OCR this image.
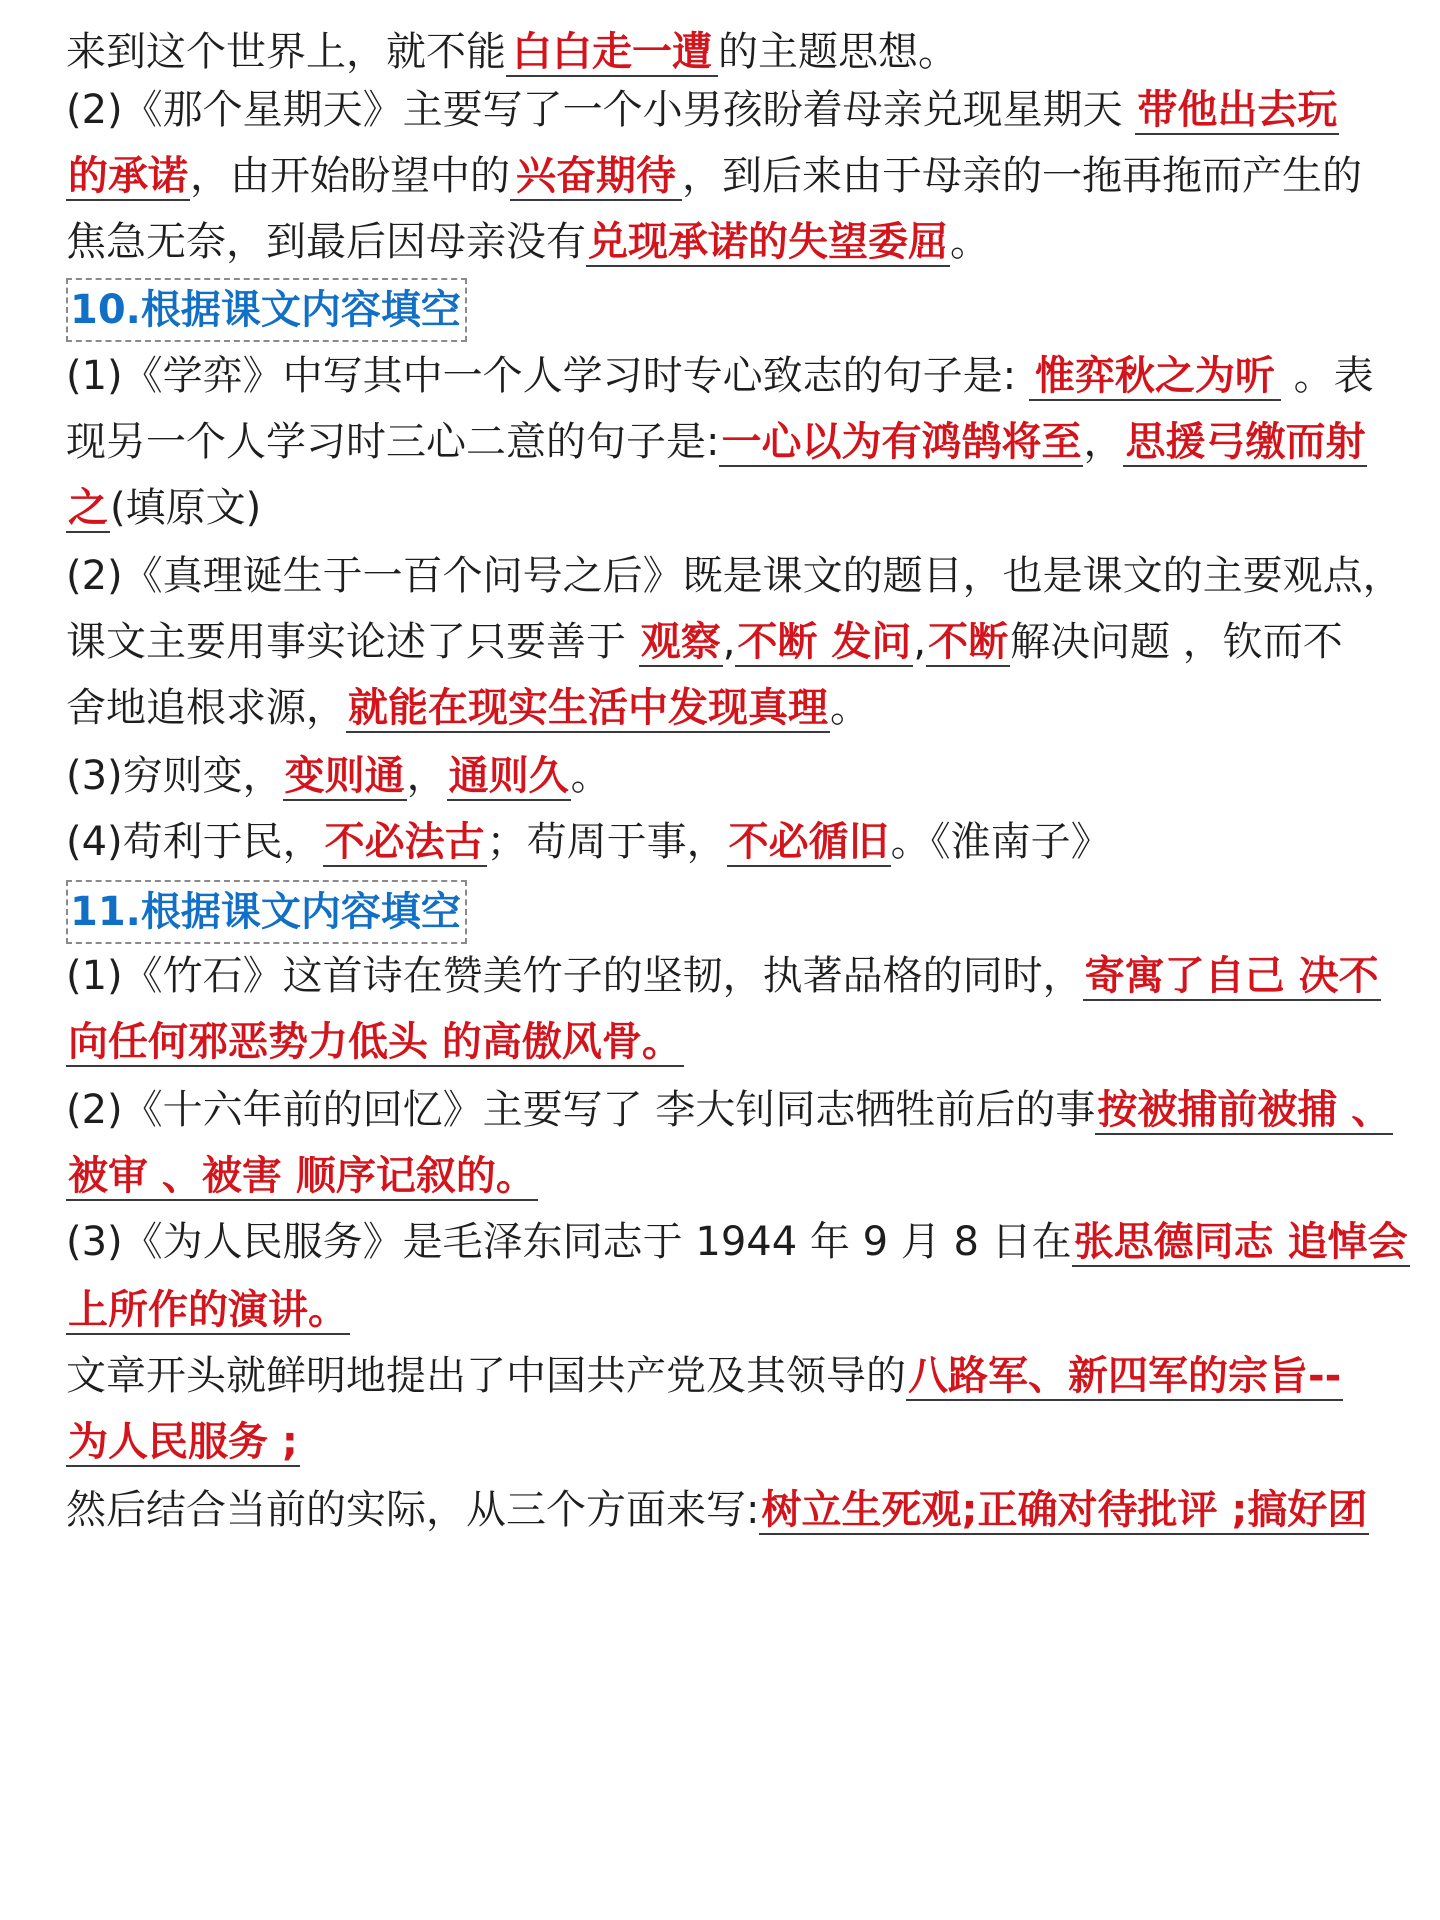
来到这个世界上，就不能 白白走一遭 的主题思想。
(2)《那个星期天》主要写了一个小男孩盼着母亲兑现星期天 带他出去玩
的承诺，由开始盼望中的 兴奋期待 ，到后来由于母亲的一拖再拖而产生的
焦急无奈，到最后因母亲没有兑现承诺的失望委屈。
10.根据课文内容填空
(1)《学弈》中写其中一个人学习时专心致志的句子是: 惟弈秋之为听 。表
现另一个人学习时三心二意的句子是:一心以为有鸿鹄将至，思援弓缴而射
之(填原文)
(2)《真理诞生于一百个问号之后》既是课文的题目，也是课文的主要观点，
课文主要用事实论述了只要善于 观察,不断 发问,不断解决问题 ，钦而不
舍地追根求源，就能在现实生活中发现真理。
(3)穷则变，变则通，通则久。
(4)苟利于民，不必法古；苟周于事，不必循旧。《淮南子》
11.根据课文内容填空
(1)《竹石》这首诗在赞美竹子的坚韧，执著品格的同时，寄寓了自己 决不
向任何邪恶势力低头 的高傲风骨。
(2)《十六年前的回忆》主要写了 李大钊同志牺牲前后的事按被捕前被捕 、
被审 、被害 顺序记叙的。
(3)《为人民服务》是毛泽东同志于 1944 年 9 月 8 日在张思德同志 追悼会
上所作的演讲。
文章开头就鲜明地提出了中国共产党及其领导的八路军、新四军的宗旨--
为人民服务 ;
然后结合当前的实际，从三个方面来写:树立生死观;正确对待批评 ;搞好团
